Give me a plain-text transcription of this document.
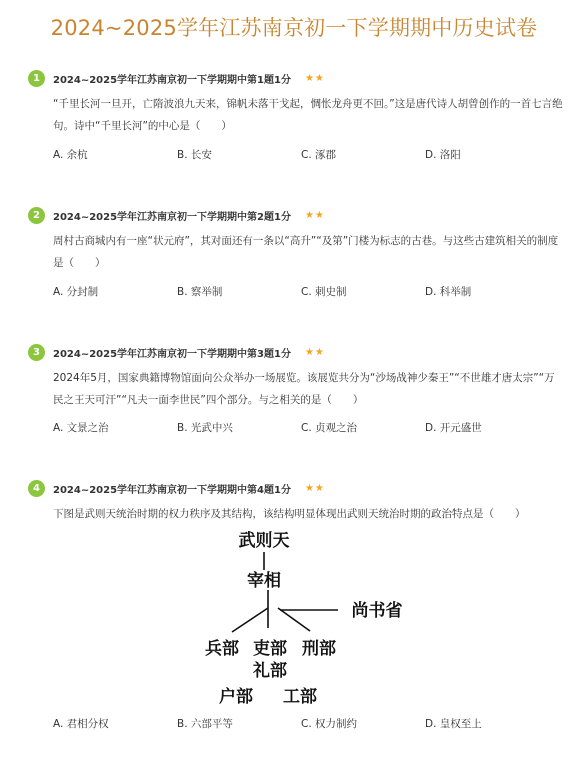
2024~2025学年江苏南京初一下学期期中历史试卷
1	2024~2025学年江苏南京初一下学期期中第1题1分 ★★
“千里长河一旦开，亡隋波浪九天来，锦帆未落干戈起，惆怅龙舟更不回。”这是唐代诗人胡曾创作的一首七言绝句。诗中“千里长河”的中心是（　　）
A. 余杭	B. 长安	C. 涿郡	D. 洛阳
2	2024~2025学年江苏南京初一下学期期中第2题1分 ★★
周村古商城内有一座“状元府”，其对面还有一条以“高升”“及第”门楼为标志的古巷。与这些古建筑相关的制度是（　　）
A. 分封制	B. 察举制	C. 刺史制	D. 科举制
3	2024~2025学年江苏南京初一下学期期中第3题1分 ★★
2024年5月，国家典籍博物馆面向公众举办一场展览。该展览共分为“沙场战神少秦王”“不世雄才唐太宗”“万民之王天可汗”“凡夫一面李世民”四个部分。与之相关的是（　　）
A. 文景之治	B. 光武中兴	C. 贞观之治	D. 开元盛世
4	2024~2025学年江苏南京初一下学期期中第4题1分 ★★
下图是武则天统治时期的权力秩序及其结构，该结构明显体现出武则天统治时期的政治特点是（　　）
武则天
宰相
尚书省
兵部 吏部 刑部
礼部
户部 工部
A. 君相分权	B. 六部平等	C. 权力制约	D. 皇权至上
